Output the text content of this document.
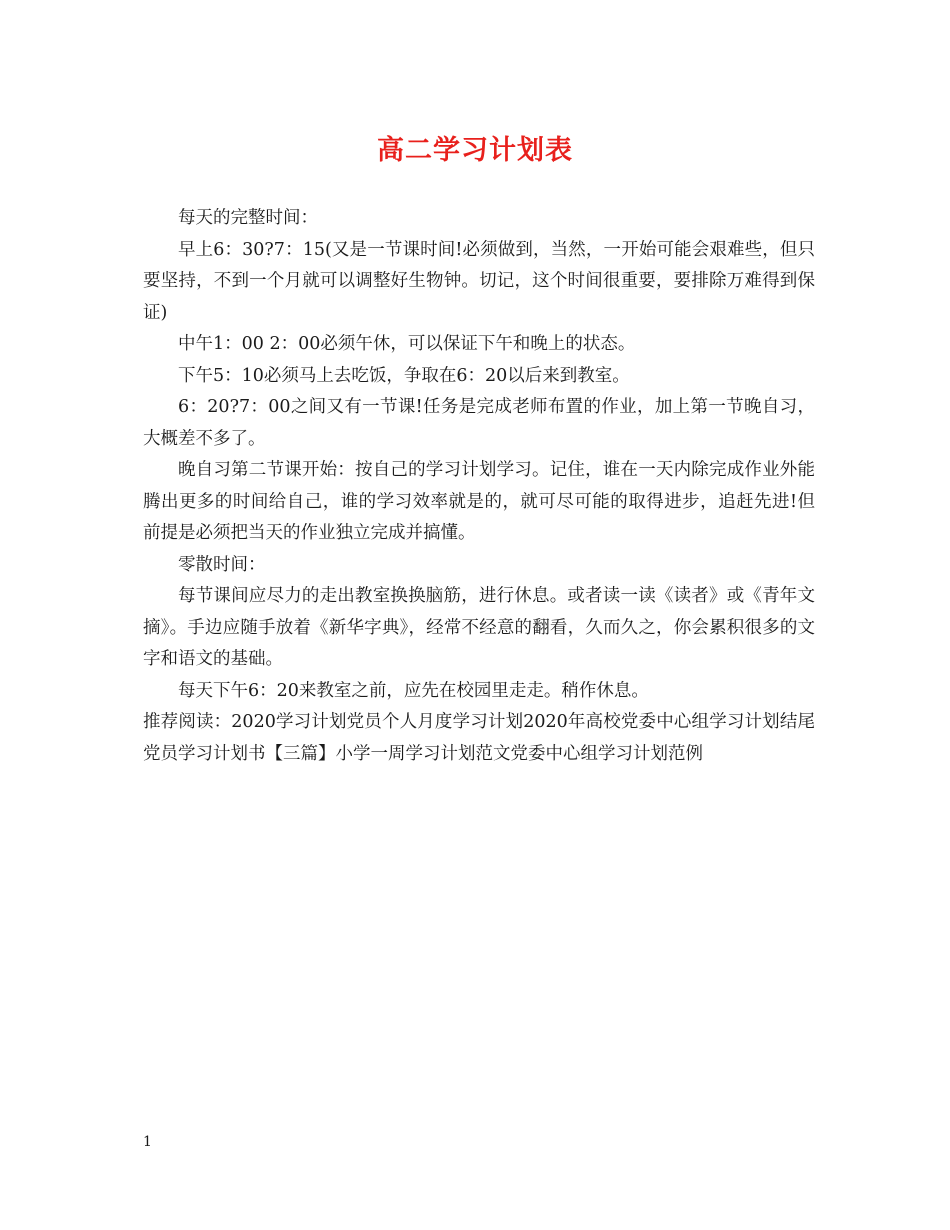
高二学习计划表

每天的完整时间：

早上6：30?7：15(又是一节课时间!必须做到，当然，一开始可能会艰难些，但只要坚持，不到一个月就可以调整好生物钟。切记，这个时间很重要，要排除万难得到保证)

中午1：00 2：00必须午休，可以保证下午和晚上的状态。

下午5：10必须马上去吃饭，争取在6：20以后来到教室。

6：20?7：00之间又有一节课!任务是完成老师布置的作业，加上第一节晚自习，大概差不多了。

晚自习第二节课开始：按自己的学习计划学习。记住，谁在一天内除完成作业外能腾出更多的时间给自己，谁的学习效率就是的，就可尽可能的取得进步，追赶先进!但前提是必须把当天的作业独立完成并搞懂。

零散时间：

每节课间应尽力的走出教室换换脑筋，进行休息。或者读一读《读者》或《青年文摘》。手边应随手放着《新华字典》，经常不经意的翻看，久而久之，你会累积很多的文字和语文的基础。

每天下午6：20来教室之前，应先在校园里走走。稍作休息。

推荐阅读：2020学习计划党员个人月度学习计划2020年高校党委中心组学习计划结尾党员学习计划书【三篇】小学一周学习计划范文党委中心组学习计划范例

1
